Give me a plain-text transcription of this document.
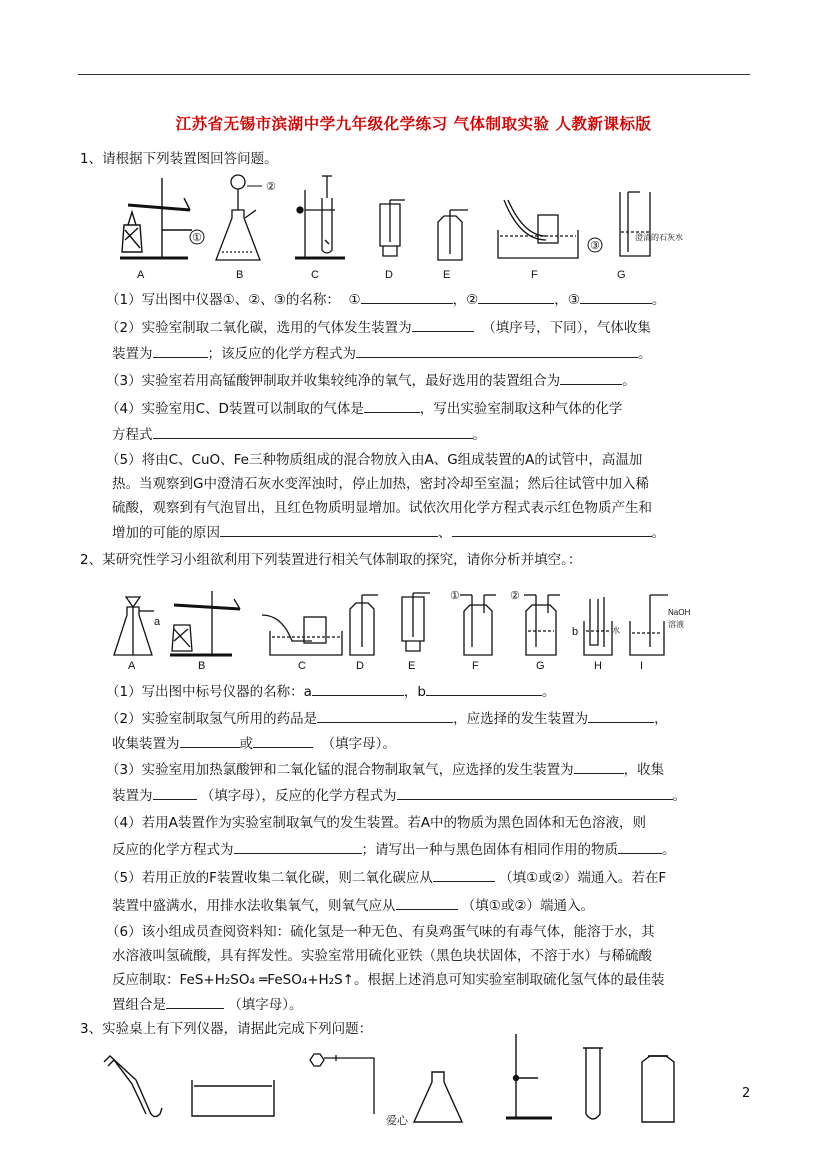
江苏省无锡市滨湖中学九年级化学练习 气体制取实验 人教新课标版
1、请根据下列装置图回答问题。
①
A
②
B	C	D	E	F
③
澄清的石灰水
G
（1）写出图中仪器①、②、③的名称： ①	，②	，③	。
（2）实验室制取二氧化碳，选用的气体发生装置为	（填序号，下同），气体收集
装置为	；该反应的化学方程式为	。
（3）实验室若用高锰酸钾制取并收集较纯净的氧气，最好选用的装置组合为	。
（4）实验室用C、D装置可以制取的气体是	，写出实验室制取这种气体的化学
方程式	。
（5）将由C、CuO、Fe三种物质组成的混合物放入由A、G组成装置的A的试管中，高温加
热。当观察到G中澄清石灰水变浑浊时，停止加热，密封冷却至室温；然后往试管中加入稀
硫酸，观察到有气泡冒出，且红色物质明显增加。试依次用化学方程式表示红色物质产生和
增加的可能的原因	、	。
2、某研究性学习小组欲利用下列装置进行相关气体制取的探究，请你分析并填空。：
a
A	B	C	D	E
①
F
②
G
b	水
H
NaOH
溶液
I
（1）写出图中标号仪器的名称：a	，b	。
（2）实验室制取氢气所用的药品是	，应选择的发生装置为	，
收集装置为	或	（填字母）。
（3）实验室用加热氯酸钾和二氧化锰的混合物制取氧气，应选择的发生装置为	，收集
装置为	（填字母），反应的化学方程式为	。
（4）若用A装置作为实验室制取氧气的发生装置。若A中的物质为黑色固体和无色溶液，则
反应的化学方程式为	；请写出一种与黑色固体有相同作用的物质	。
（5）若用正放的F装置收集二氧化碳，则二氧化碳应从	（填①或②）端通入。若在F
装置中盛满水，用排水法收集氧气，则氧气应从	（填①或②）端通入。
（6）该小组成员查阅资料知：硫化氢是一种无色、有臭鸡蛋气味的有毒气体，能溶于水，其
水溶液叫氢硫酸，具有挥发性。实验室常用硫化亚铁（黑色块状固体，不溶于水）与稀硫酸
反应制取：FeS+H₂SO₄ ═FeSO₄+H₂S↑。根据上述消息可知实验室制取硫化氢气体的最佳装
置组合是	（填字母）。
3、实验桌上有下列仪器，请据此完成下列问题：
爱心
2
